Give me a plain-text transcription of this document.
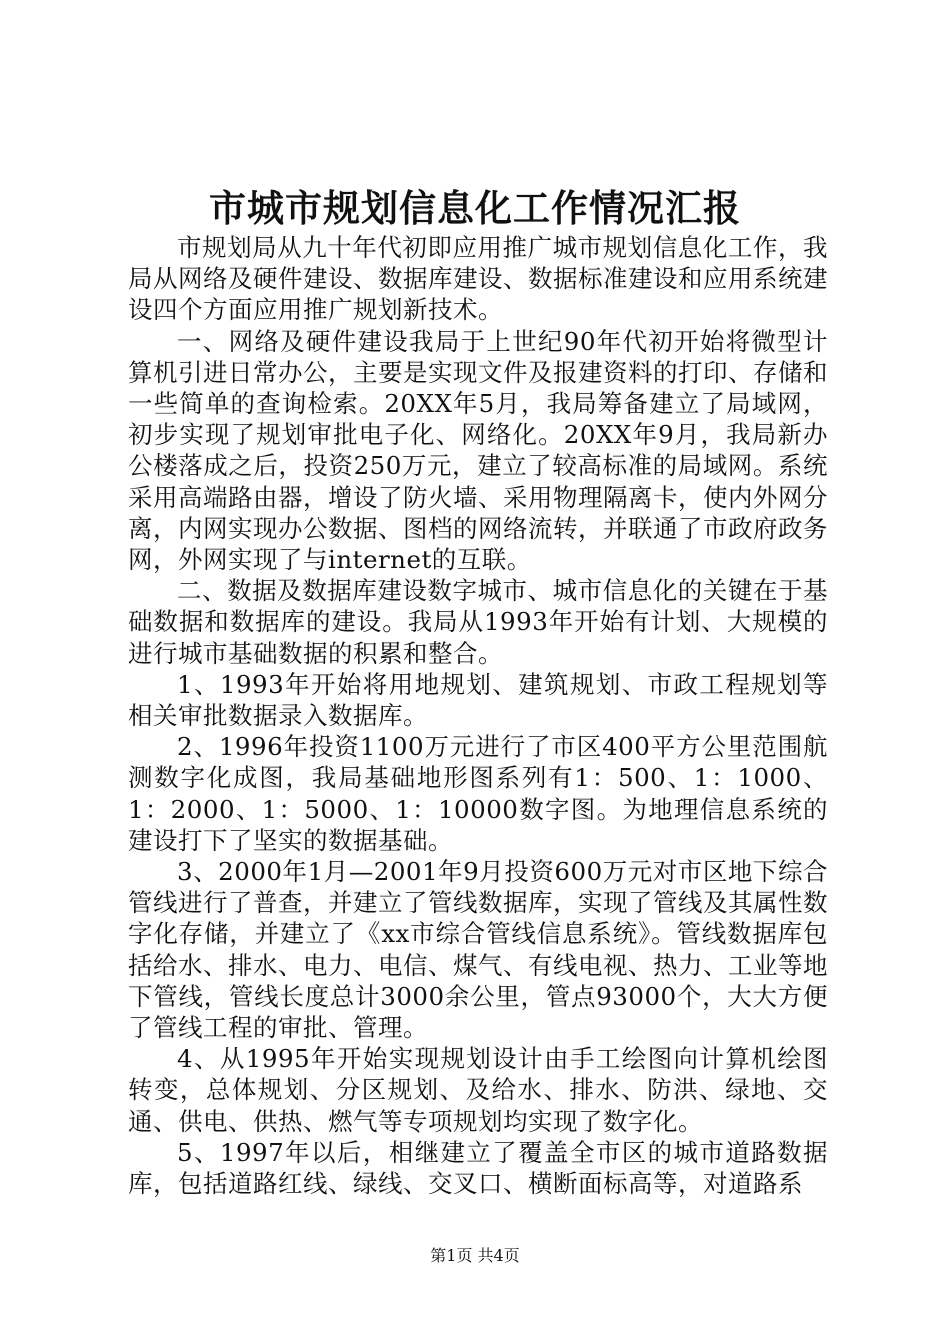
市城市规划信息化工作情况汇报

市规划局从九十年代初即应用推广城市规划信息化工作，我局从网络及硬件建设、数据库建设、数据标准建设和应用系统建设四个方面应用推广规划新技术。

一、网络及硬件建设我局于上世纪90年代初开始将微型计算机引进日常办公，主要是实现文件及报建资料的打印、存储和一些简单的查询检索。20XX年5月，我局筹备建立了局域网，初步实现了规划审批电子化、网络化。20XX年9月，我局新办公楼落成之后，投资250万元，建立了较高标准的局域网。系统采用高端路由器，增设了防火墙、采用物理隔离卡，使内外网分离，内网实现办公数据、图档的网络流转，并联通了市政府政务网，外网实现了与internet的互联。

二、数据及数据库建设数字城市、城市信息化的关键在于基础数据和数据库的建设。我局从1993年开始有计划、大规模的进行城市基础数据的积累和整合。

1、1993年开始将用地规划、建筑规划、市政工程规划等相关审批数据录入数据库。

2、1996年投资1100万元进行了市区400平方公里范围航测数字化成图，我局基础地形图系列有1：500、1：1000、1：2000、1：5000、1：10000数字图。为地理信息系统的建设打下了坚实的数据基础。

3、2000年1月—2001年9月投资600万元对市区地下综合管线进行了普查，并建立了管线数据库，实现了管线及其属性数字化存储，并建立了《xx市综合管线信息系统》。管线数据库包括给水、排水、电力、电信、煤气、有线电视、热力、工业等地下管线，管线长度总计3000余公里，管点93000个，大大方便了管线工程的审批、管理。

4、从1995年开始实现规划设计由手工绘图向计算机绘图转变，总体规划、分区规划、及给水、排水、防洪、绿地、交通、供电、供热、燃气等专项规划均实现了数字化。

5、1997年以后，相继建立了覆盖全市区的城市道路数据库，包括道路红线、绿线、交叉口、横断面标高等，对道路系

第1页 共4页
